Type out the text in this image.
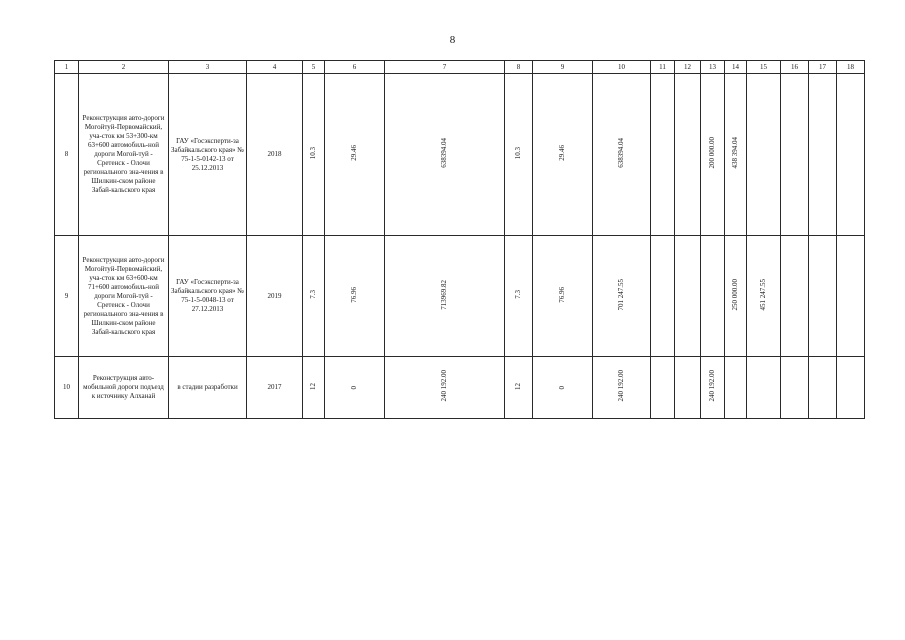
8
1	2	3	4	5	6	7	8	9	10	11	12	13	14	15	16	17	18
8	Реконструкция авто-дороги Могойтуй-Первомайский, уча-сток км 53+300-км 63+600 автомобиль-ной дороги Могой-туй - Сретенск - Олочи регионального зна-чения в Шилкин-ском районе Забай-кальского края	ГАУ «Госэксперти-за Забайкальского края» № 75-1-5-0142-13 от 25.12.2013	2018	10.3	29.46	638394.04	10.3	29.46	638394.04			200 000.00	438 394.04				
9	Реконструкция авто-дороги Могойтуй-Первомайский, уча-сток км 63+600-км 71+600 автомобиль-ной дороги Могой-туй - Сретенск - Олочи регионального зна-чения в Шилкин-ском районе Забай-кальского края	ГАУ «Госэксперти-за Забайкальского края» № 75-1-5-0048-13 от 27.12.2013	2019	7.3	76.96	713969.82	7.3	76.96	701 247.55				250 000.00	451 247.55			
10	Реконструкция авто-мобильной дороги подъезд к источнику Алханай	в стадии разработки	2017	12	0	240 192.00	12	0	240 192.00			240 192.00					
